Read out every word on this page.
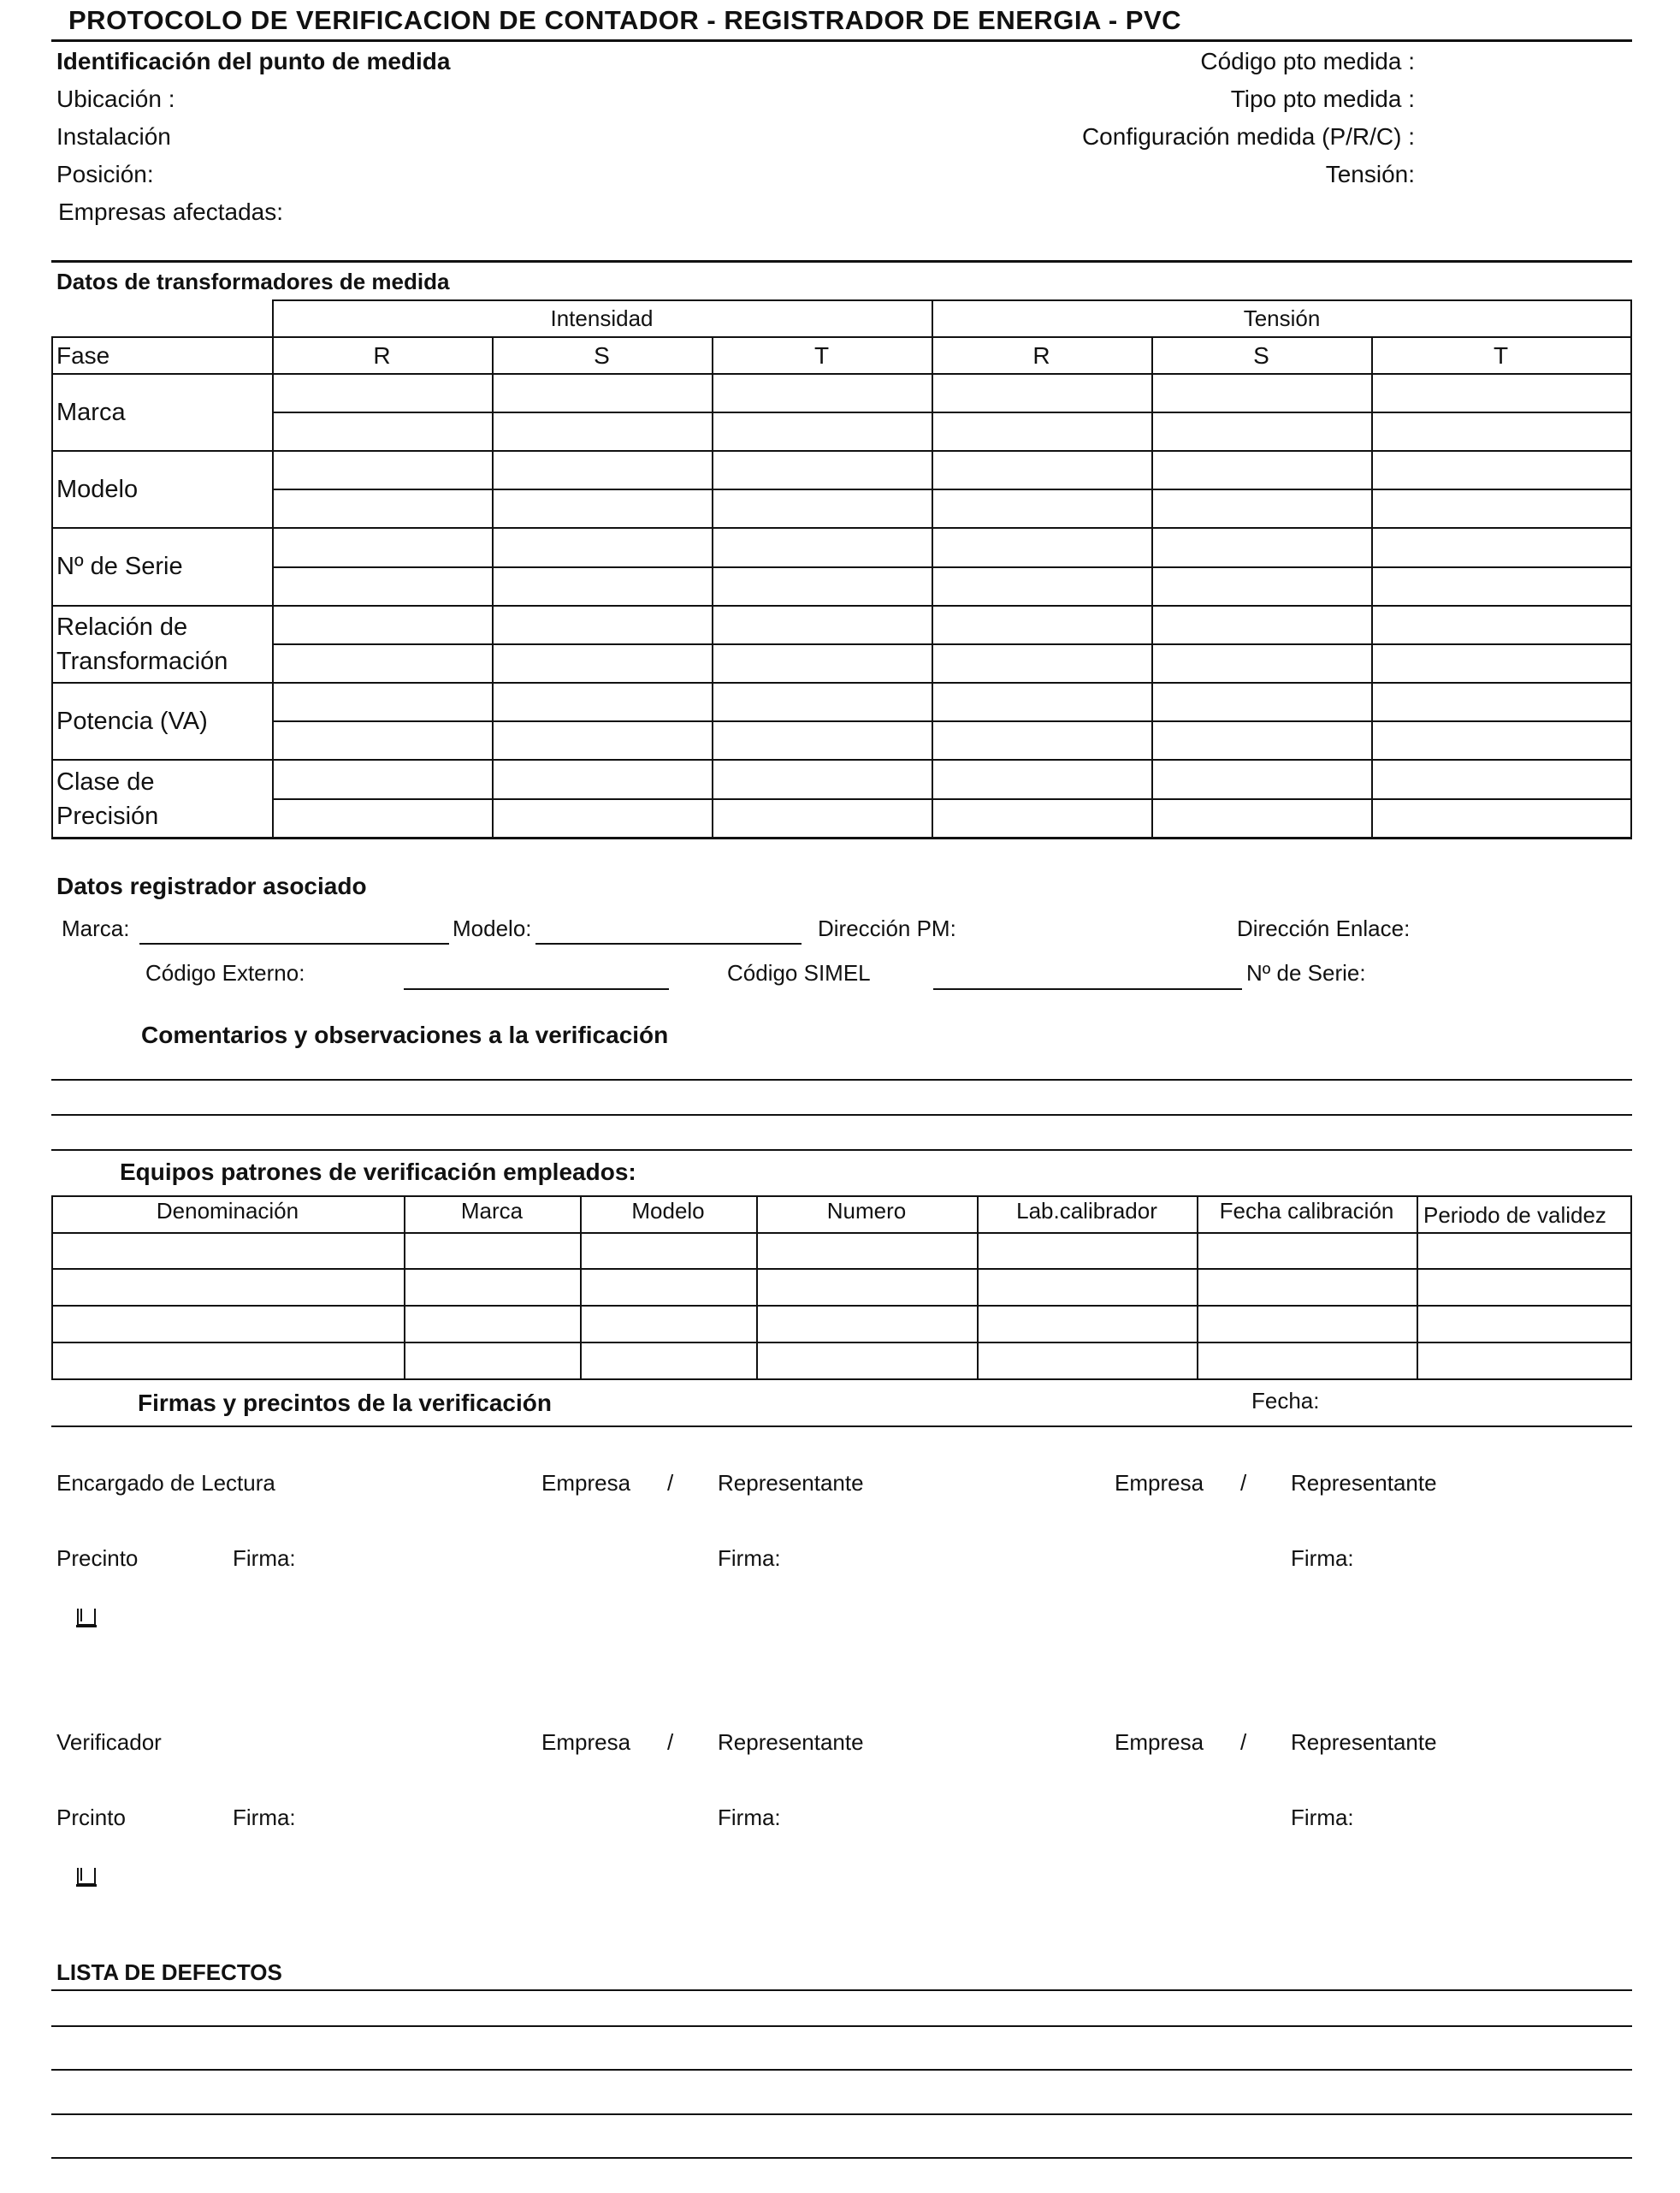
PROTOCOLO DE VERIFICACION DE CONTADOR - REGISTRADOR DE ENERGIA - PVC
Identificación del punto de medida
Ubicación :
Instalación
Posición:
Empresas afectadas:
Código pto medida :
Tipo pto medida :
Configuración medida (P/R/C) :
Tensión:
Datos de transformadores de medida
Intensidad	Tensión
Fase	R	S	T	R	S	T
Marca
Modelo
Nº de Serie
Relación de Transformación
Potencia (VA)
Clase de Precisión
Datos registrador asociado
Marca:	Modelo:	Dirección PM:	Dirección Enlace:
Código Externo:	Código SIMEL	Nº de Serie:
Comentarios y observaciones a la verificación
Equipos patrones de verificación empleados:
Denominación	Marca	Modelo	Numero	Lab.calibrador	Fecha calibración	Periodo de validez
Firmas y precintos de la verificación	Fecha:
Encargado de Lectura	Empresa / Representante	Empresa / Representante
Precinto	Firma:	Firma:	Firma:
Verificador	Empresa / Representante	Empresa / Representante
Prcinto	Firma:	Firma:	Firma:
LISTA DE DEFECTOS
